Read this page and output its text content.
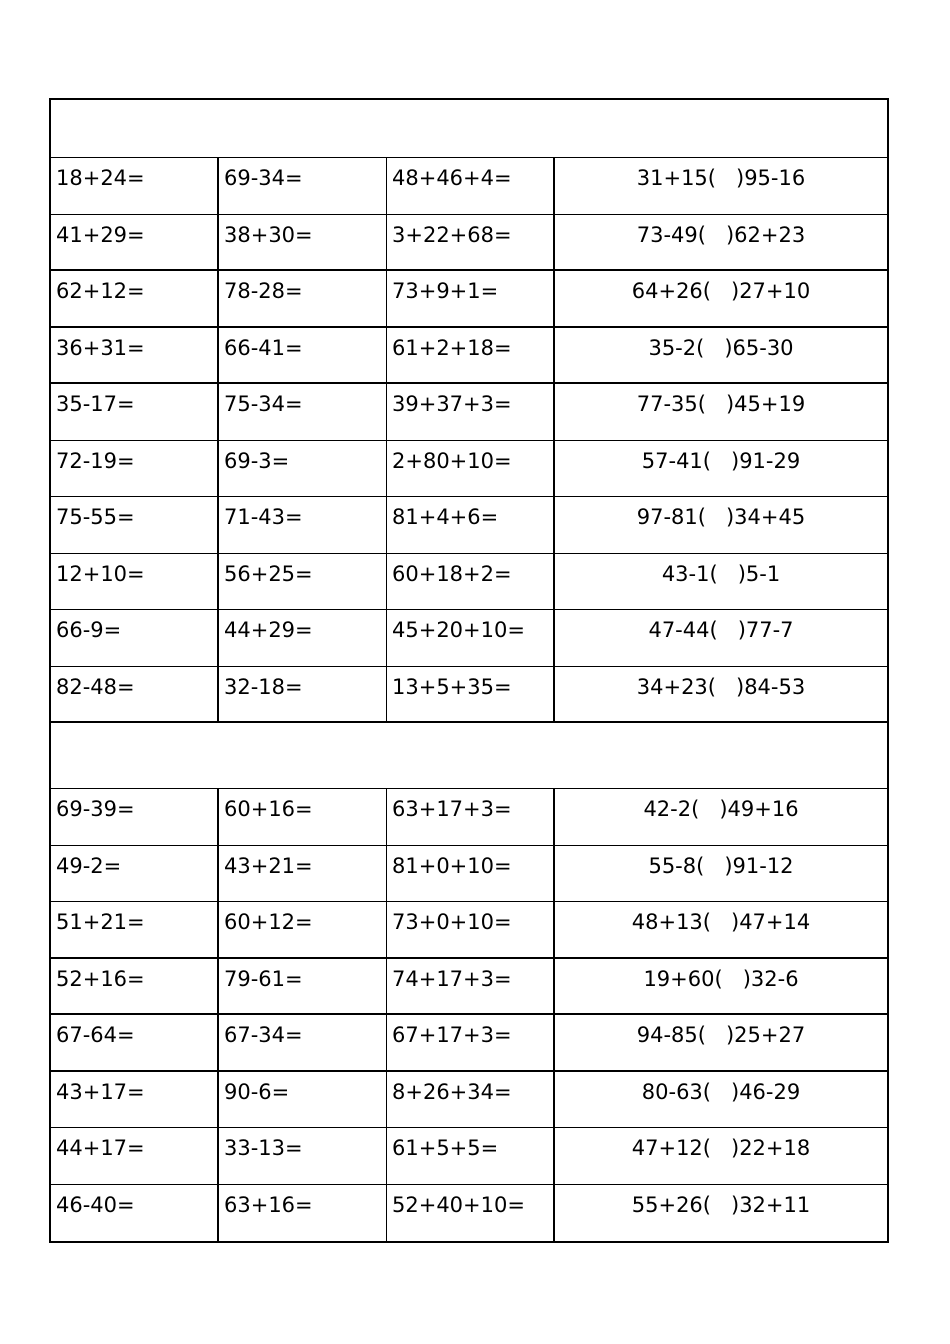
18+24=	69-34=	48+46+4=	31+15(   )95-16
41+29=	38+30=	3+22+68=	73-49(   )62+23
62+12=	78-28=	73+9+1=	64+26(   )27+10
36+31=	66-41=	61+2+18=	35-2(   )65-30
35-17=	75-34=	39+37+3=	77-35(   )45+19
72-19=	69-3=	2+80+10=	57-41(   )91-29
75-55=	71-43=	81+4+6=	97-81(   )34+45
12+10=	56+25=	60+18+2=	43-1(   )5-1
66-9=	44+29=	45+20+10=	47-44(   )77-7
82-48=	32-18=	13+5+35=	34+23(   )84-53
69-39=	60+16=	63+17+3=	42-2(   )49+16
49-2=	43+21=	81+0+10=	55-8(   )91-12
51+21=	60+12=	73+0+10=	48+13(   )47+14
52+16=	79-61=	74+17+3=	19+60(   )32-6
67-64=	67-34=	67+17+3=	94-85(   )25+27
43+17=	90-6=	8+26+34=	80-63(   )46-29
44+17=	33-13=	61+5+5=	47+12(   )22+18
46-40=	63+16=	52+40+10=	55+26(   )32+11
